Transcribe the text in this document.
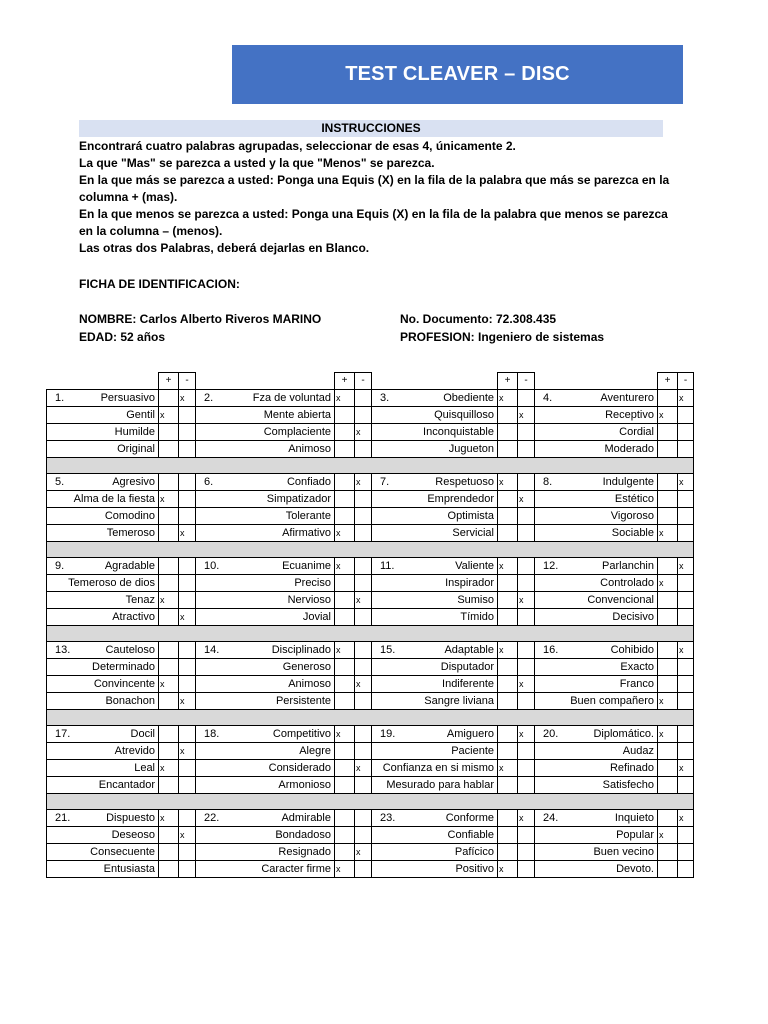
TEST CLEAVER – DISC
INSTRUCCIONES
Encontrará cuatro palabras agrupadas, seleccionar de esas 4, únicamente 2.
La que "Mas" se parezca a usted y la que "Menos" se parezca.
En la que más se parezca a usted: Ponga una Equis (X) en la fila de la palabra que más se parezca en la
columna + (mas).
En la que menos se parezca a usted: Ponga una Equis (X) en la fila de la palabra que menos se parezca
en la columna – (menos).
Las otras dos Palabras, deberá dejarlas en Blanco.
FICHA DE IDENTIFICACION:
NOMBRE: Carlos Alberto Riveros MARINO	No. Documento: 72.308.435
EDAD: 52 años	PROFESION: Ingeniero de sistemas
	+	-		+	-		+	-		+	-

1. Persuasivo		x	2. Fza de voluntad	x		3. Obediente	x		4. Aventurero		x
Gentil	x		Mente abierta			Quisquilloso		x	Receptivo	x	
Humilde			Complaciente		x	Inconquistable			Cordial		
Original			Animoso			Jugueton			Moderado		

5. Agresivo			6. Confiado		x	7. Respetuoso	x		8. Indulgente		x
Alma de la fiesta	x		Simpatizador			Emprendedor		x	Estético		
Comodino			Tolerante			Optimista			Vigoroso		
Temeroso		x	Afirmativo	x		Servicial			Sociable	x	

9. Agradable			10. Ecuanime	x		11. Valiente	x		12. Parlanchin		x
Temeroso de dios			Preciso			Inspirador			Controlado	x	
Tenaz	x		Nervioso		x	Sumiso		x	Convencional		
Atractivo		x	Jovial			Tímido			Decisivo		

13. Cauteloso			14. Disciplinado	x		15. Adaptable	x		16. Cohibido		x
Determinado			Generoso			Disputador			Exacto		
Convincente	x		Animoso		x	Indiferente		x	Franco		
Bonachon		x	Persistente			Sangre liviana			Buen compañero	x	

17. Docil			18. Competitivo	x		19. Amiguero		x	20. Diplomático.	x	
Atrevido		x	Alegre			Paciente			Audaz		
Leal	x		Considerado		x	Confianza en si mismo	x		Refinado		x
Encantador			Armonioso			Mesurado para hablar			Satisfecho		

21. Dispuesto	x		22. Admirable			23. Conforme		x	24. Inquieto		x
Deseoso		x	Bondadoso			Confiable			Popular	x	
Consecuente			Resignado		x	Pafícico			Buen vecino		
Entusiasta			Caracter firme	x		Positivo	x		Devoto.		
